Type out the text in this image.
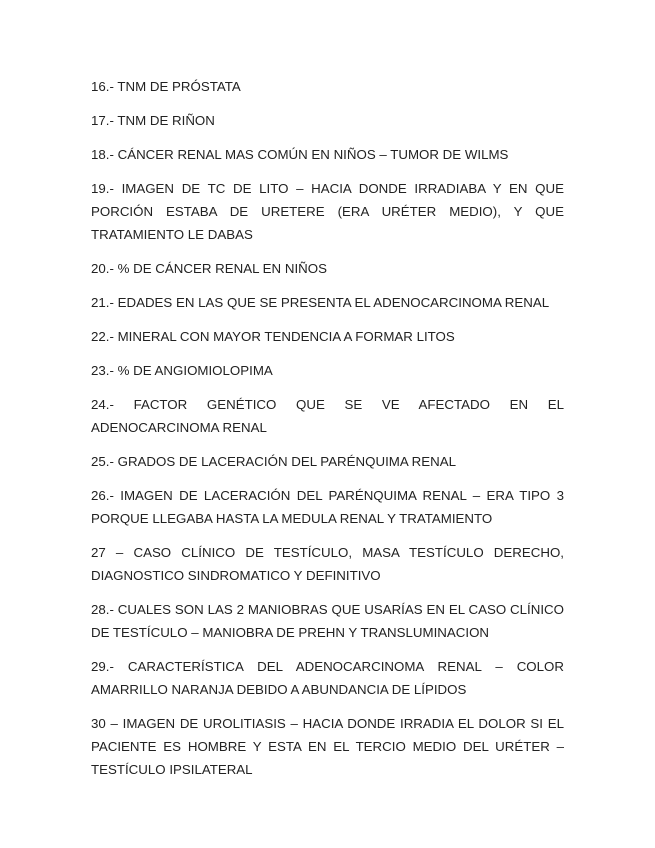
16.- TNM DE PRÓSTATA

17.- TNM DE RIÑON

18.- CÁNCER RENAL MAS COMÚN EN NIÑOS – TUMOR DE WILMS

19.- IMAGEN DE TC DE LITO – HACIA DONDE IRRADIABA Y EN QUE PORCIÓN ESTABA DE URETERE (ERA URÉTER MEDIO), Y QUE TRATAMIENTO LE DABAS

20.- % DE CÁNCER RENAL EN NIÑOS

21.- EDADES EN LAS QUE SE PRESENTA EL ADENOCARCINOMA RENAL

22.- MINERAL CON MAYOR TENDENCIA A FORMAR LITOS

23.- % DE ANGIOMIOLOPIMA

24.- FACTOR GENÉTICO QUE SE VE AFECTADO EN EL ADENOCARCINOMA RENAL

25.- GRADOS DE LACERACIÓN DEL PARÉNQUIMA RENAL

26.- IMAGEN DE LACERACIÓN DEL PARÉNQUIMA RENAL – ERA TIPO 3 PORQUE LLEGABA HASTA LA MEDULA RENAL Y TRATAMIENTO

27 – CASO CLÍNICO DE TESTÍCULO, MASA TESTÍCULO DERECHO, DIAGNOSTICO SINDROMATICO Y DEFINITIVO

28.- CUALES SON LAS 2 MANIOBRAS QUE USARÍAS EN EL CASO CLÍNICO DE TESTÍCULO – MANIOBRA DE PREHN Y TRANSLUMINACION

29.- CARACTERÍSTICA DEL ADENOCARCINOMA RENAL – COLOR AMARRILLO NARANJA DEBIDO A ABUNDANCIA DE LÍPIDOS

30 – IMAGEN DE UROLITIASIS – HACIA DONDE IRRADIA EL DOLOR SI EL PACIENTE ES HOMBRE Y ESTA EN EL TERCIO MEDIO DEL URÉTER – TESTÍCULO IPSILATERAL
